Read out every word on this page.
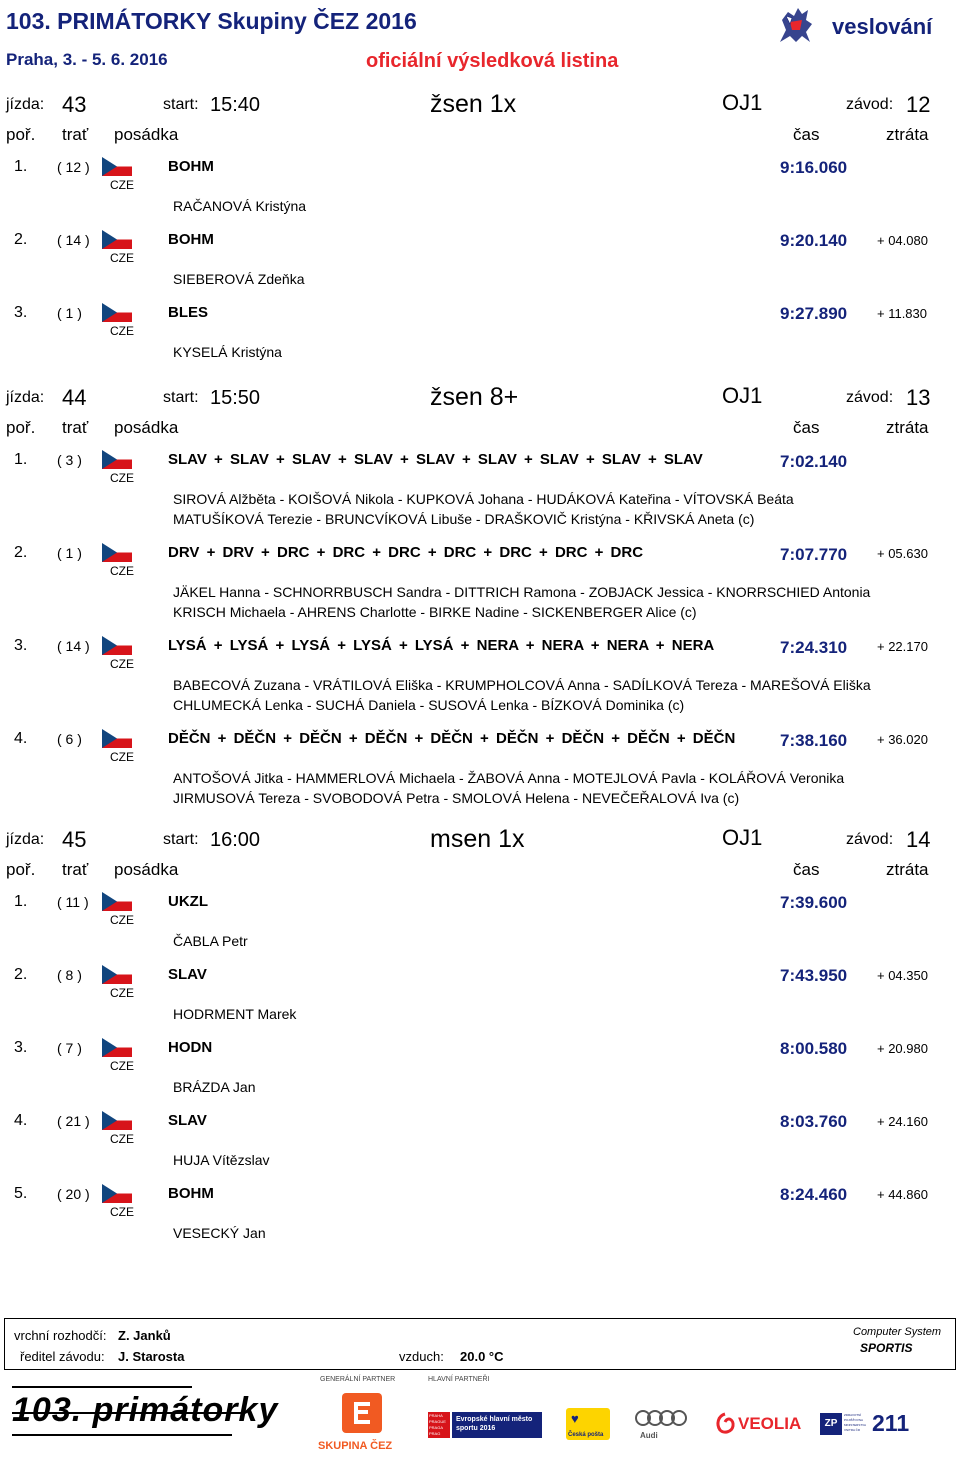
103. PRIMÁTORKY Skupiny ČEZ 2016
Praha, 3. - 5. 6. 2016	oficiální výsledková listina
veslování
jízda: 43	start: 15:40	žsen 1x	OJ1	závod: 12
poř. trať posádka	čas	ztráta
1. ( 12 )
CZE
BOHM	9:16.060
RAČANOVÁ Kristýna
2. ( 14 )
CZE
BOHM	9:20.140 + 04.080
SIEBEROVÁ Zdeňka
3. ( 1 )
CZE
BLES	9:27.890 + 11.830
KYSELÁ Kristýna
jízda: 44	start: 15:50	žsen 8+	OJ1	závod: 13
poř. trať posádka	čas	ztráta
1. ( 3 )
CZE
SLAV + SLAV + SLAV + SLAV + SLAV + SLAV + SLAV + SLAV + SLAV	7:02.140
SIROVÁ Alžběta - KOIŠOVÁ Nikola - KUPKOVÁ Johana - HUDÁKOVÁ Kateřina - VÍTOVSKÁ Beáta
MATUŠÍKOVÁ Terezie - BRUNCVÍKOVÁ Libuše - DRAŠKOVIČ Kristýna - KŘIVSKÁ Aneta (c)
2. ( 1 )
CZE
DRV + DRV + DRC + DRC + DRC + DRC + DRC + DRC + DRC	7:07.770 + 05.630
JÄKEL Hanna - SCHNORRBUSCH Sandra - DITTRICH Ramona - ZOBJACK Jessica - KNORRSCHIED Antonia
KRISCH Michaela - AHRENS Charlotte - BIRKE Nadine - SICKENBERGER Alice (c)
3. ( 14 )
CZE
LYSÁ + LYSÁ + LYSÁ + LYSÁ + LYSÁ + NERA + NERA + NERA + NERA	7:24.310 + 22.170
BABECOVÁ Zuzana - VRÁTILOVÁ Eliška - KRUMPHOLCOVÁ Anna - SADÍLKOVÁ Tereza - MAREŠOVÁ Eliška
CHLUMECKÁ Lenka - SUCHÁ Daniela - SUSOVÁ Lenka - BÍZKOVÁ Dominika (c)
4. ( 6 )
CZE
DĚČN + DĚČN + DĚČN + DĚČN + DĚČN + DĚČN + DĚČN + DĚČN + DĚČN	7:38.160 + 36.020
ANTOŠOVÁ Jitka - HAMMERLOVÁ Michaela - ŽABOVÁ Anna - MOTEJLOVÁ Pavla - KOLÁŘOVÁ Veronika
JIRMUSOVÁ Tereza - SVOBODOVÁ Petra - SMOLOVÁ Helena - NEVEČEŘALOVÁ Iva (c)
jízda: 45	start: 16:00	msen 1x	OJ1	závod: 14
poř. trať posádka	čas	ztráta
1. ( 11 )
CZE
UKZL	7:39.600
ČABLA Petr
2. ( 8 )
CZE
SLAV	7:43.950 + 04.350
HODRMENT Marek
3. ( 7 )
CZE
HODN	8:00.580 + 20.980
BRÁZDA Jan
4. ( 21 )
CZE
SLAV	8:03.760 + 24.160
HUJA Vítězslav
5. ( 20 )
CZE
BOHM	8:24.460 + 44.860
VESECKÝ Jan
vrchní rozhodčí: Z. Janků
ředitel závodu: J. Starosta	vzduch: 20.0 °C
Computer System
SPORTIS
GENERÁLNÍ PARTNER	HLAVNÍ PARTNEŘI
103. primátorky
SKUPINA ČEZ
PRAHA PRAGUE PRAGA PRAG
Evropské hlavní město sportu 2016
♥
Česká pošta	Audi
VEOLIA	ZP
ZDRAVOTNÍ POJIŠŤOVNA MINISTERSTVA VNITRA ČR 211
